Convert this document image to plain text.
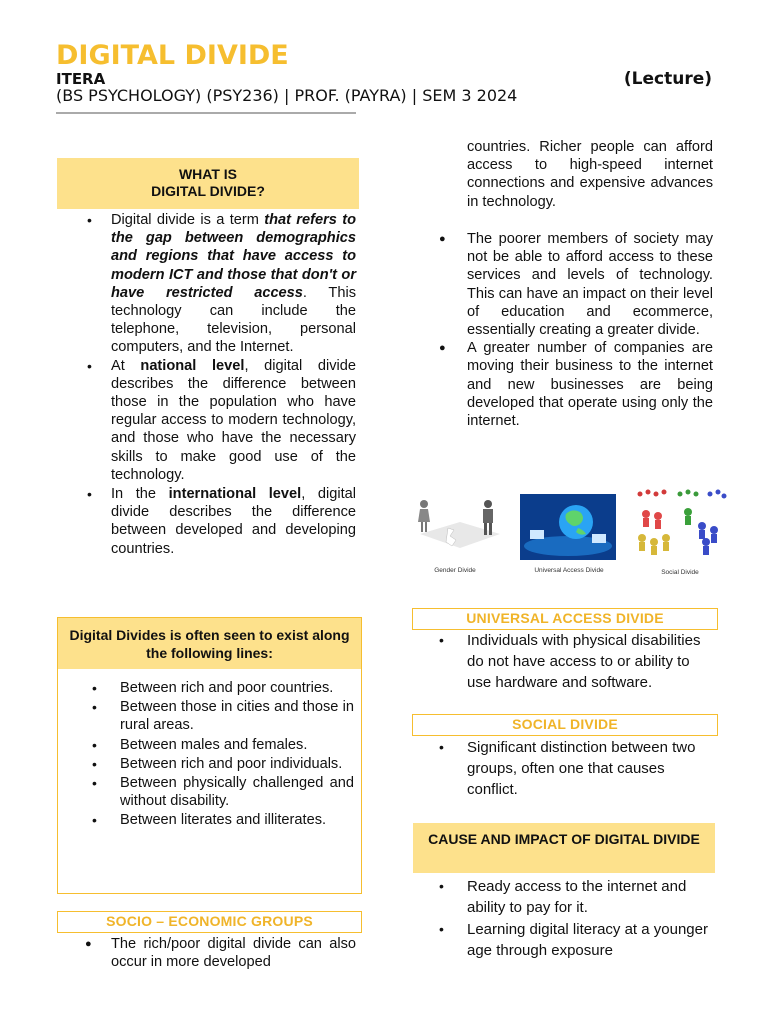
DIGITAL DIVIDE
ITERA
(BS PSYCHOLOGY) (PSY236) | PROF. (PAYRA) | SEM 3 2024
(Lecture)
WHAT IS
DIGITAL DIVIDE?
• Digital divide is a term that refers to the gap between demographics and regions that have access to modern ICT and those that don't or have restricted access. This technology can include the telephone, television, personal computers, and the Internet.
• At national level, digital divide describes the difference between those in the population who have regular access to modern technology, and those who have the necessary skills to make good use of the technology.
• In the international level, digital divide describes the difference between developed and developing countries.
Digital Divides is often seen to exist along the following lines:
• Between rich and poor countries.
• Between those in cities and those in rural areas.
• Between males and females.
• Between rich and poor individuals.
• Between physically challenged and without disability.
• Between literates and illiterates.
SOCIO – ECONOMIC GROUPS
● The rich/poor digital divide can also occur in more developed
countries. Richer people can afford access to high-speed internet connections and expensive advances in technology.
● The poorer members of society may not be able to afford access to these services and levels of technology. This can have an impact on their level of education and ecommerce, essentially creating a greater divide.
● A greater number of companies are moving their business to the internet and new businesses are being developed that operate using only the internet.
Gender Divide	Universal Access Divide	Social Divide
UNIVERSAL ACCESS DIVIDE
• Individuals with physical disabilities do not have access to or ability to use hardware and software.
SOCIAL DIVIDE
• Significant distinction between two groups, often one that causes conflict.
CAUSE AND IMPACT OF DIGITAL DIVIDE
• Ready access to the internet and ability to pay for it.
• Learning digital literacy at a younger age through exposure
